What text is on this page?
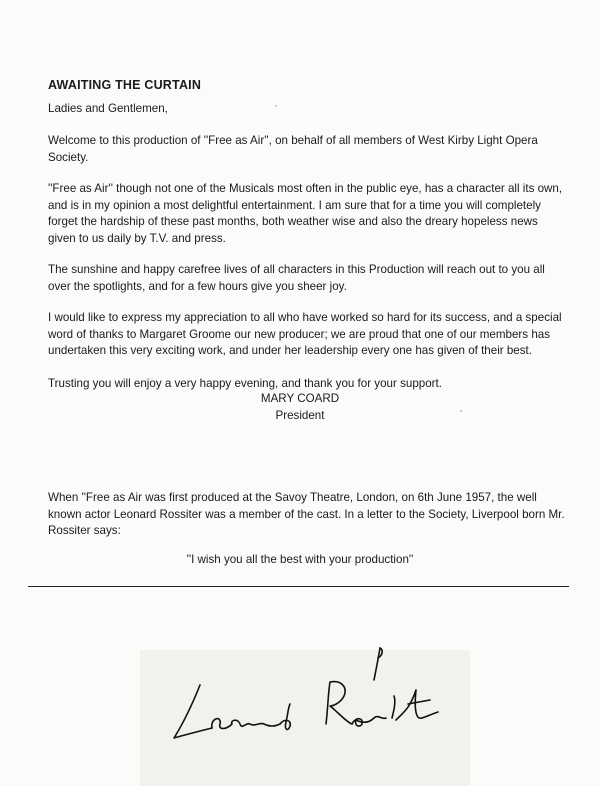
AWAITING THE CURTAIN

Ladies and Gentlemen,

Welcome to this production of ''Free as Air'', on behalf of all members of West Kirby Light Opera Society.

''Free as Air'' though not one of the Musicals most often in the public eye, has a character all its own, and is in my opinion a most delightful entertainment. I am sure that for a time you will completely forget the hardship of these past months, both weather wise and also the dreary hopeless news given to us daily by T.V. and press.

The sunshine and happy carefree lives of all characters in this Production will reach out to you all over the spotlights, and for a few hours give you sheer joy.

I would like to express my appreciation to all who have worked so hard for its success, and a special word of thanks to Margaret Groome our new producer; we are proud that one of our members has undertaken this very exciting work, and under her leadership every one has given of their best.

Trusting you will enjoy a very happy evening, and thank you for your support.

MARY COARD
President

When ''Free as Air was first produced at the Savoy Theatre, London, on 6th June 1957, the well known actor Leonard Rossiter was a member of the cast. In a letter to the Society, Liverpool born Mr. Rossiter says:

''I wish you all the best with your production''
